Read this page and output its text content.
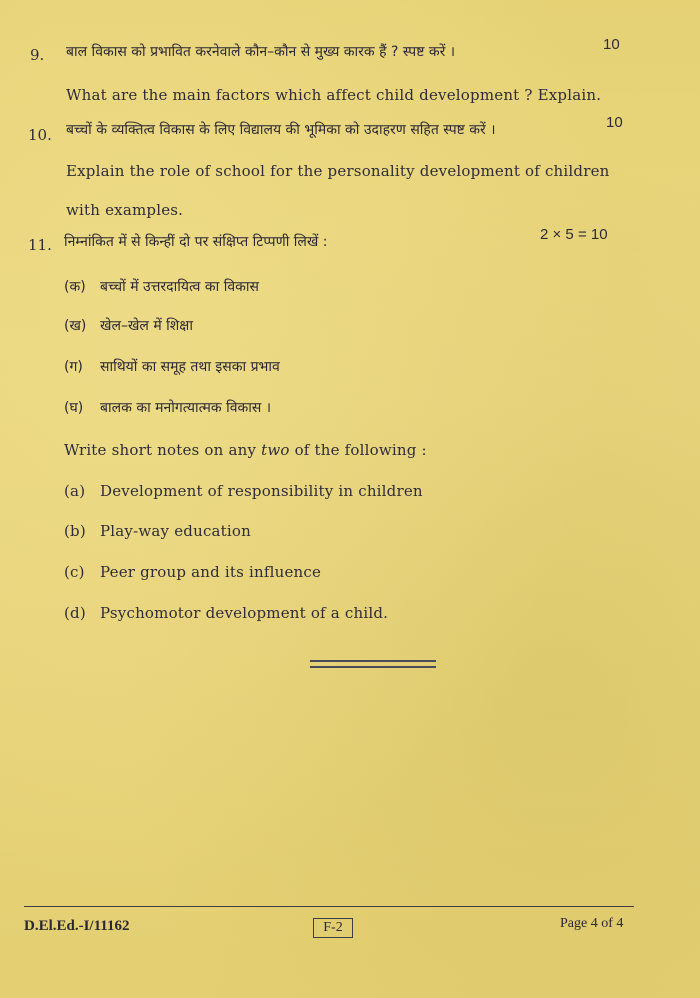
9. बाल विकास को प्रभावित करनेवाले कौन–कौन से मुख्य कारक हैं ? स्पष्ट करें ।	10
What are the main factors which affect child development ? Explain.
10. बच्चों के व्यक्तित्व विकास के लिए विद्यालय की भूमिका को उदाहरण सहित स्पष्ट करें ।	10
Explain the role of school for the personality development of children
with examples.
11. निम्नांकित में से किन्हीं दो पर संक्षिप्त टिप्पणी लिखें :	2 × 5 = 10
(क) बच्चों में उत्तरदायित्व का विकास
(ख) खेल–खेल में शिक्षा
(ग) साथियों का समूह तथा इसका प्रभाव
(घ) बालक का मनोगत्यात्मक विकास ।
Write short notes on any two of the following :
(a) Development of responsibility in children
(b) Play-way education
(c) Peer group and its influence
(d) Psychomotor development of a child.
D.El.Ed.-I/11162	F-2	Page 4 of 4
